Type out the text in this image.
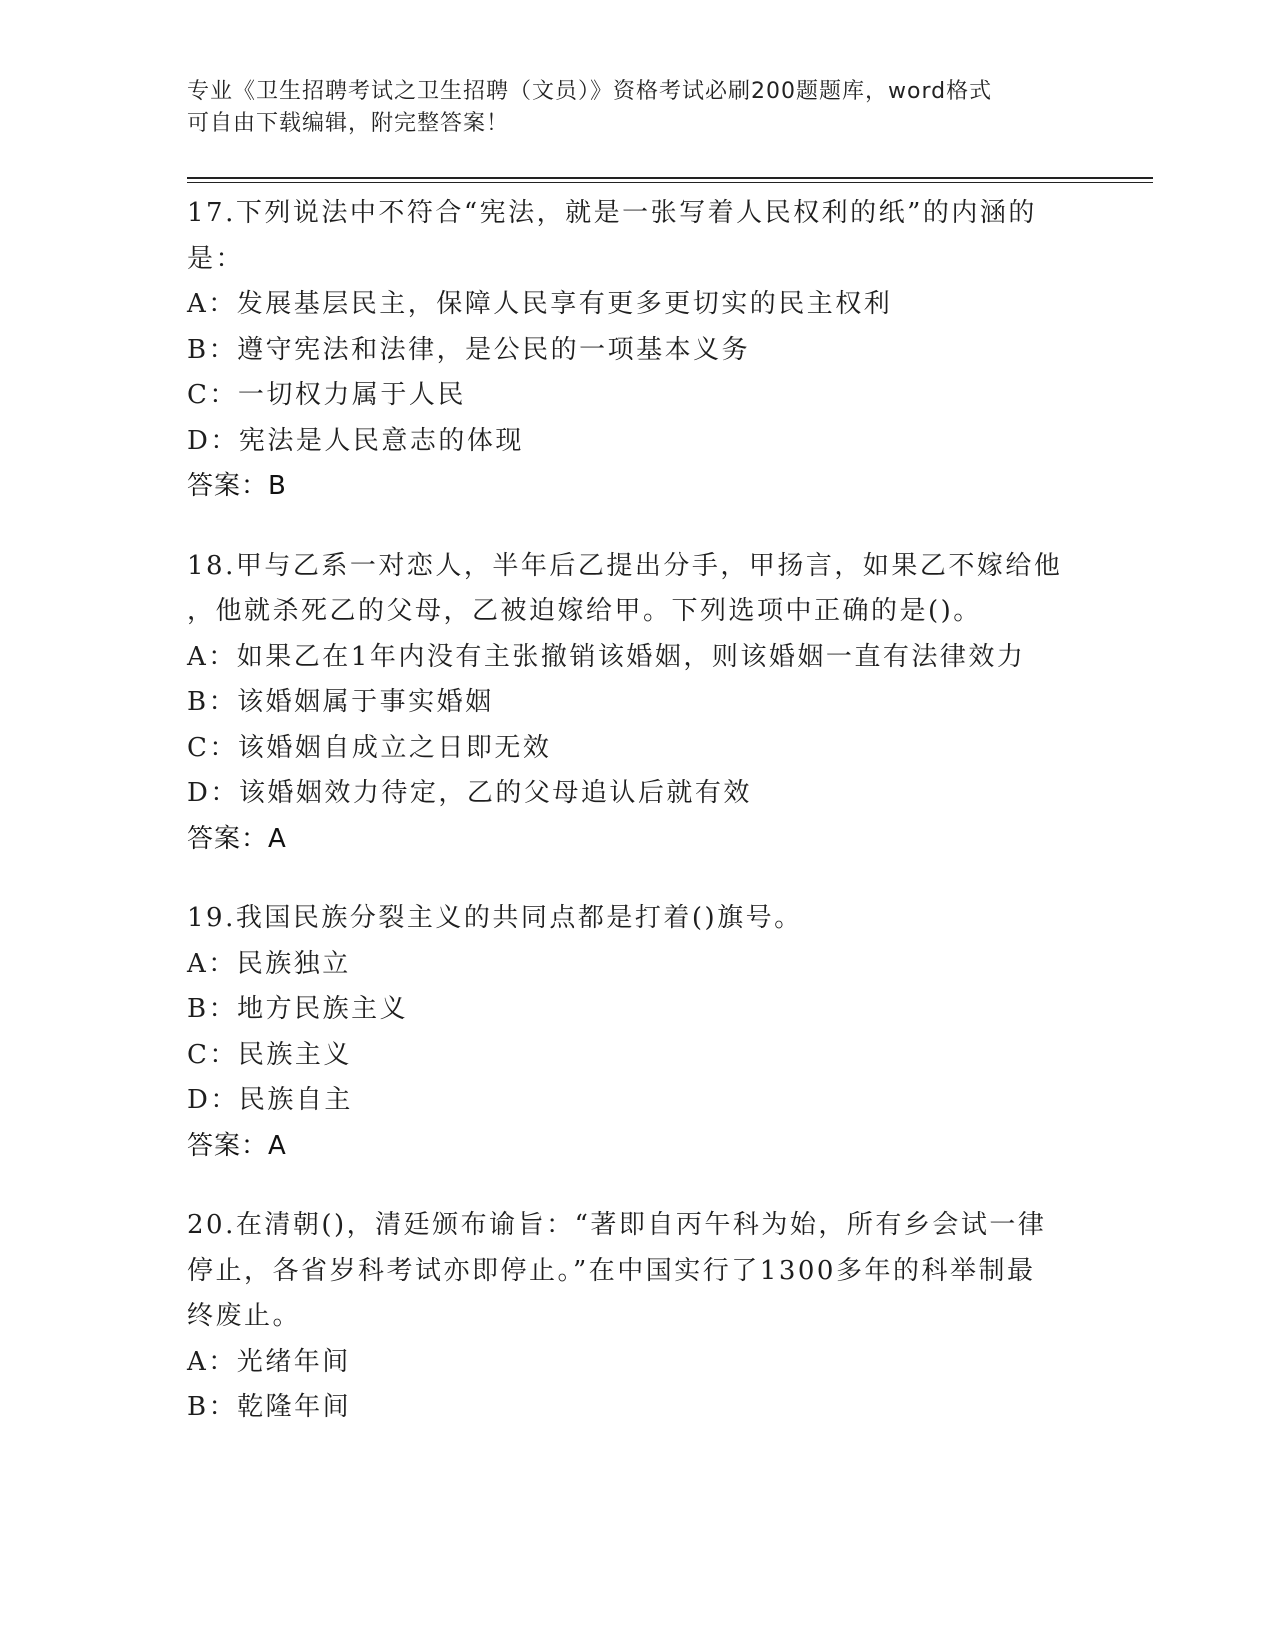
专业《卫生招聘考试之卫生招聘（文员）》资格考试必刷200题题库，word格式
可自由下载编辑，附完整答案！
17.下列说法中不符合“宪法，就是一张写着人民权利的纸”的内涵的
是：
A：发展基层民主，保障人民享有更多更切实的民主权利
B：遵守宪法和法律，是公民的一项基本义务
C：一切权力属于人民
D：宪法是人民意志的体现
答案：B
18.甲与乙系一对恋人，半年后乙提出分手，甲扬言，如果乙不嫁给他
，他就杀死乙的父母，乙被迫嫁给甲。下列选项中正确的是()。
A：如果乙在1年内没有主张撤销该婚姻，则该婚姻一直有法律效力
B：该婚姻属于事实婚姻
C：该婚姻自成立之日即无效
D：该婚姻效力待定，乙的父母追认后就有效
答案：A
19.我国民族分裂主义的共同点都是打着()旗号。
A：民族独立
B：地方民族主义
C：民族主义
D：民族自主
答案：A
20.在清朝()，清廷颁布谕旨：“著即自丙午科为始，所有乡会试一律
停止，各省岁科考试亦即停止。”在中国实行了1300多年的科举制最
终废止。
A：光绪年间
B：乾隆年间
